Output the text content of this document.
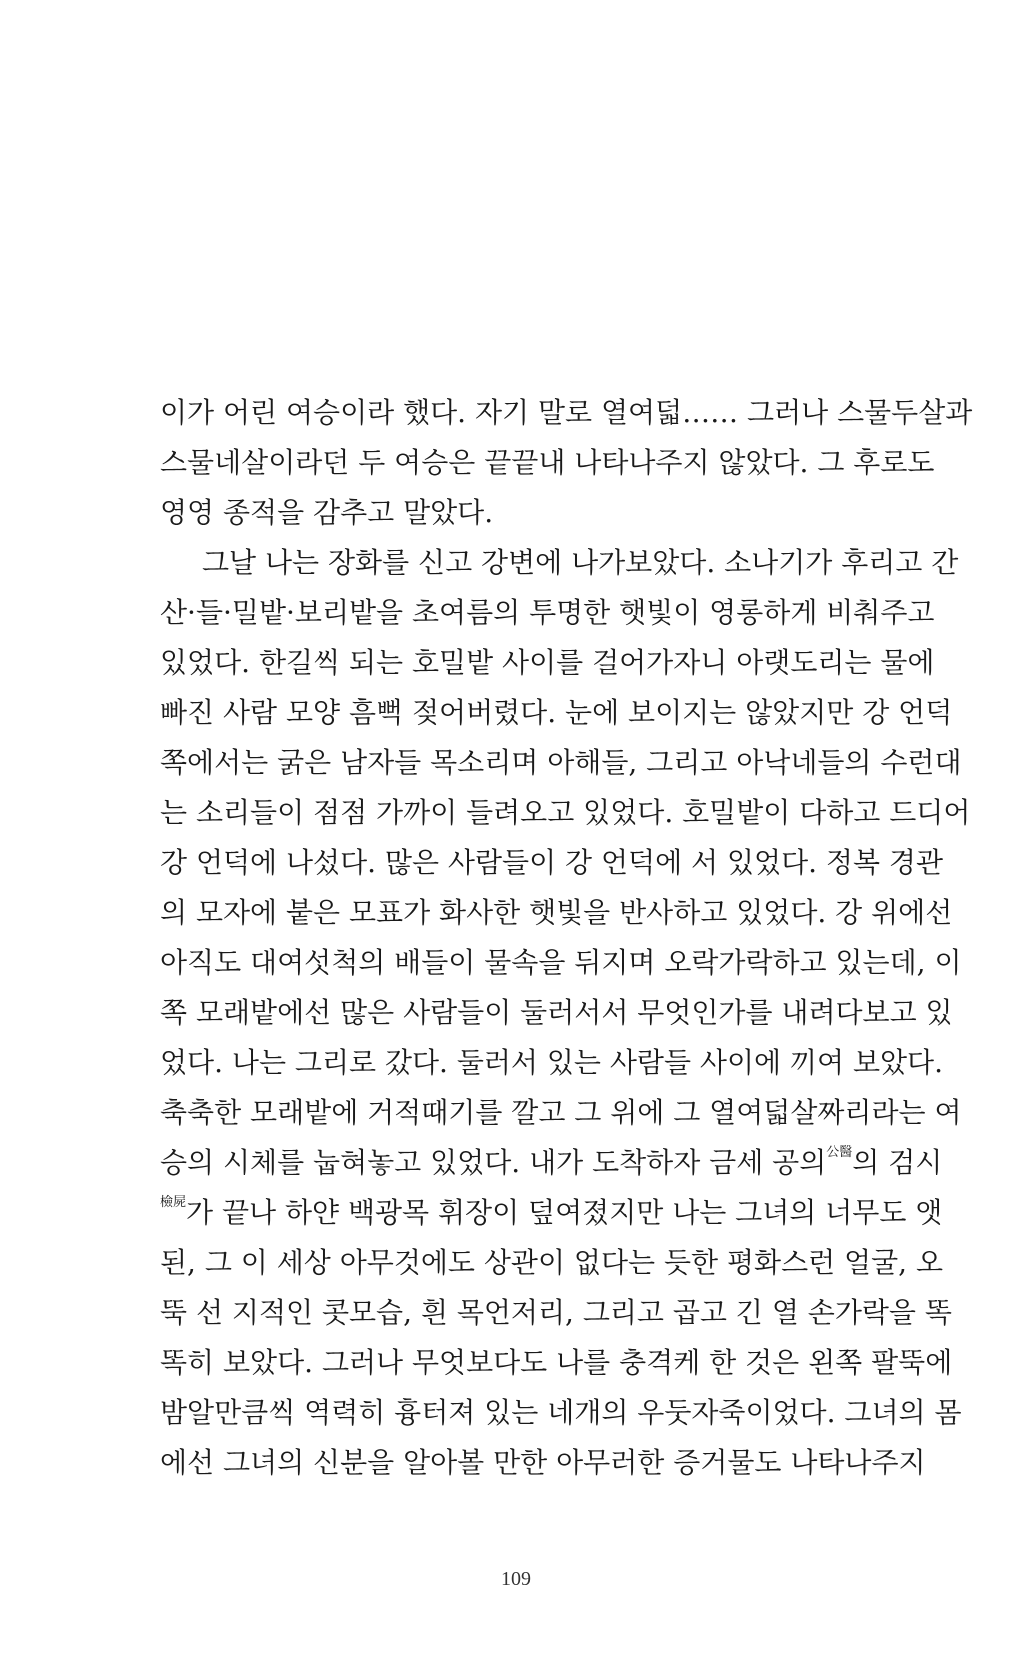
이가 어린 여승이라 했다. 자기 말로 열여덟…… 그러나 스물두살과
스물네살이라던 두 여승은 끝끝내 나타나주지 않았다. 그 후로도
영영 종적을 감추고 말았다.
그날 나는 장화를 신고 강변에 나가보았다. 소나기가 후리고 간
산·들·밀밭·보리밭을 초여름의 투명한 햇빛이 영롱하게 비춰주고
있었다. 한길씩 되는 호밀밭 사이를 걸어가자니 아랫도리는 물에
빠진 사람 모양 흠뻑 젖어버렸다. 눈에 보이지는 않았지만 강 언덕
쪽에서는 굵은 남자들 목소리며 아해들, 그리고 아낙네들의 수런대
는 소리들이 점점 가까이 들려오고 있었다. 호밀밭이 다하고 드디어
강 언덕에 나섰다. 많은 사람들이 강 언덕에 서 있었다. 정복 경관
의 모자에 붙은 모표가 화사한 햇빛을 반사하고 있었다. 강 위에선
아직도 대여섯척의 배들이 물속을 뒤지며 오락가락하고 있는데, 이
쪽 모래밭에선 많은 사람들이 둘러서서 무엇인가를 내려다보고 있
었다. 나는 그리로 갔다. 둘러서 있는 사람들 사이에 끼여 보았다.
축축한 모래밭에 거적때기를 깔고 그 위에 그 열여덟살짜리라는 여
승의 시체를 눕혀놓고 있었다. 내가 도착하자 금세 공의$^{公醫}$의 검시
$^{檢屍}$가 끝나 하얀 백광목 휘장이 덮여졌지만 나는 그녀의 너무도 앳
된, 그 이 세상 아무것에도 상관이 없다는 듯한 평화스런 얼굴, 오
뚝 선 지적인 콧모습, 흰 목언저리, 그리고 곱고 긴 열 손가락을 똑
똑히 보았다. 그러나 무엇보다도 나를 충격케 한 것은 왼쪽 팔뚝에
밤알만큼씩 역력히 흉터져 있는 네개의 우둣자죽이었다. 그녀의 몸
에선 그녀의 신분을 알아볼 만한 아무러한 증거물도 나타나주지
109
